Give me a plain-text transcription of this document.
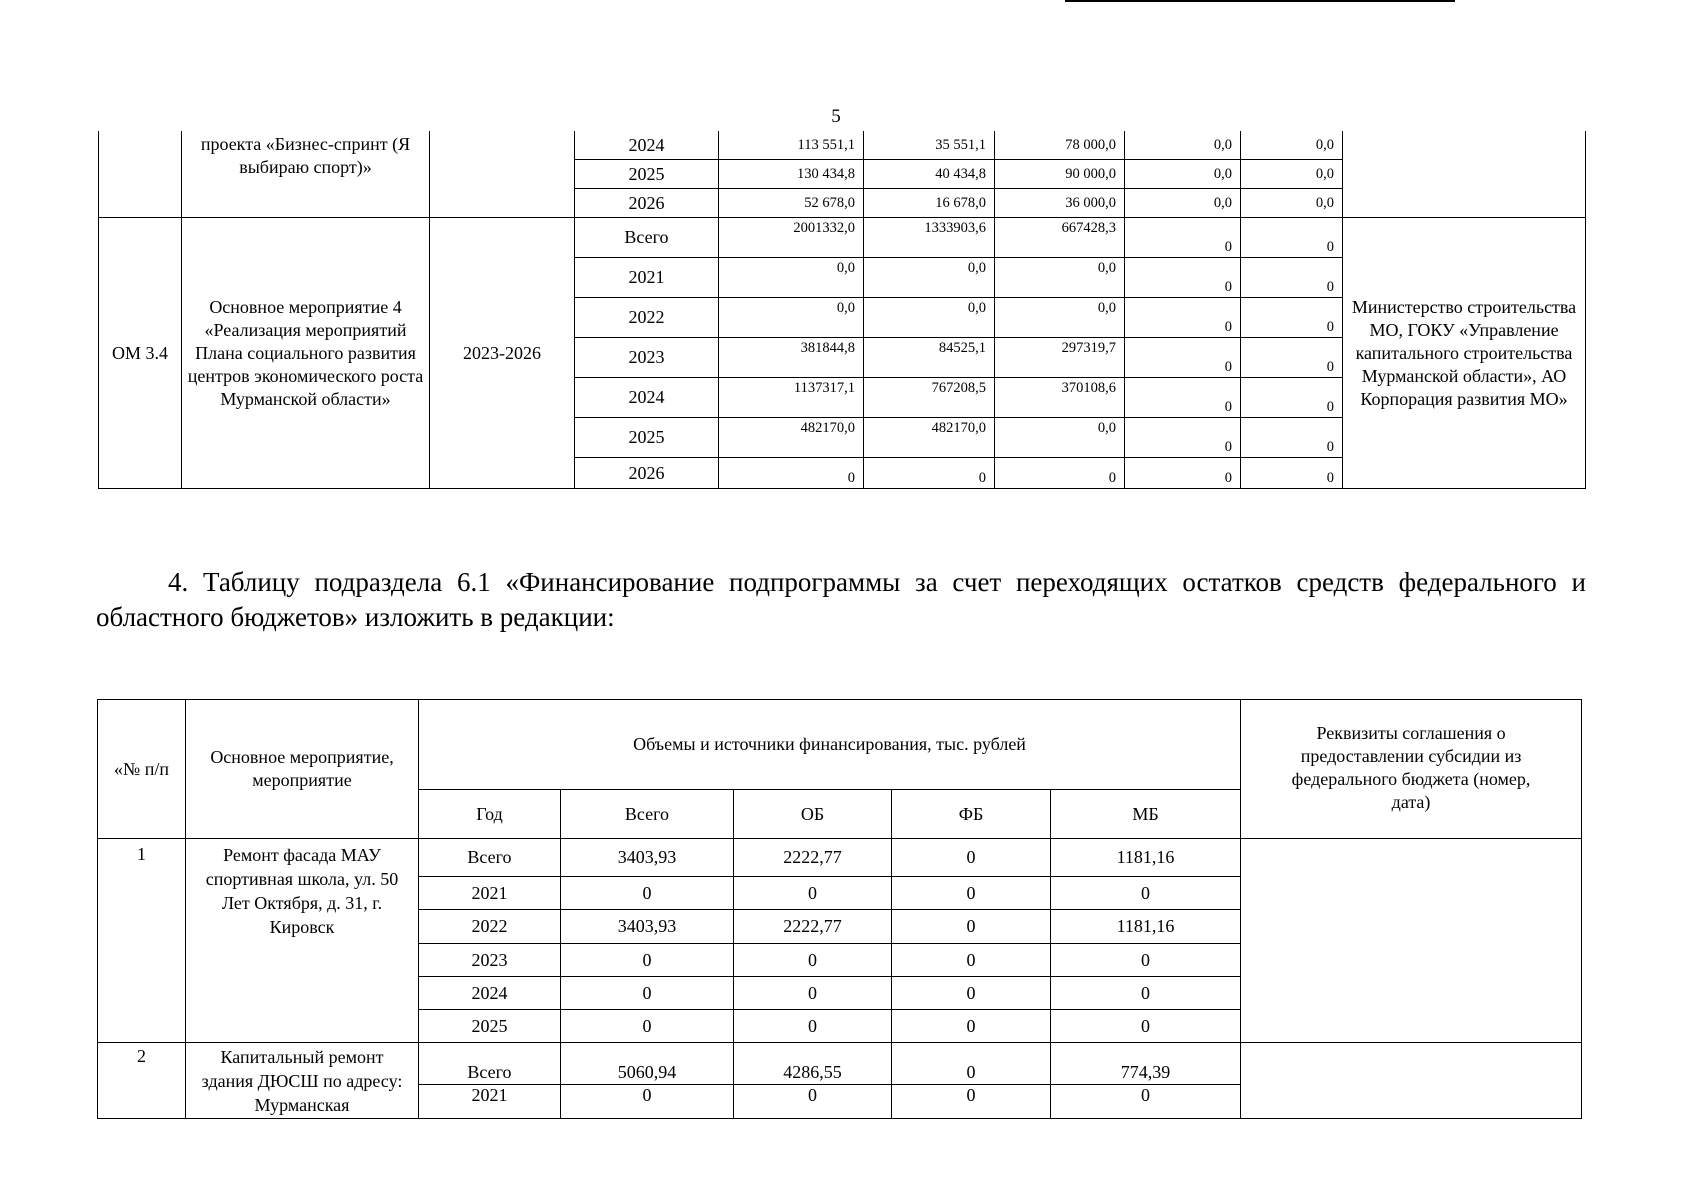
5
	проекта «Бизнес-спринт (Я выбираю спорт)»		2024	113 551,1	35 551,1	78 000,0	0,0	0,0	
			2025	130 434,8	40 434,8	90 000,0	0,0	0,0	
			2026	52 678,0	16 678,0	36 000,0	0,0	0,0	
ОМ 3.4	Основное мероприятие 4 «Реализация мероприятий Плана социального развития центров экономического роста Мурманской области»	2023-2026	Всего	2001332,0	1333903,6	667428,3	0	0	Министерство строительства МО, ГОКУ «Управление капитального строительства Мурманской области», АО Корпорация развития МО»
			2021	0,0	0,0	0,0	0	0	
			2022	0,0	0,0	0,0	0	0	
			2023	381844,8	84525,1	297319,7	0	0	
			2024	1137317,1	767208,5	370108,6	0	0	
			2025	482170,0	482170,0	0,0	0	0	
			2026	0	0	0	0	0	
4. Таблицу подраздела 6.1 «Финансирование подпрограммы за счет переходящих остатков средств федерального и областного бюджетов» изложить в редакции:
«№ п/п	Основное мероприятие, мероприятие	Объемы и источники финансирования, тыс. рублей					Реквизиты соглашения о предоставлении субсидии из федерального бюджета (номер, дата)
		Год	Всего	ОБ	ФБ	МБ	
1	Ремонт фасада МАУ спортивная школа, ул. 50 Лет Октября, д. 31, г. Кировск	Всего	3403,93	2222,77	0	1181,16	
		2021	0	0	0	0	
		2022	3403,93	2222,77	0	1181,16	
		2023	0	0	0	0	
		2024	0	0	0	0	
		2025	0	0	0	0	
2	Капитальный ремонт здания ДЮСШ по адресу: Мурманская	Всего	5060,94	4286,55	0	774,39	
		2021	0	0	0	0	
